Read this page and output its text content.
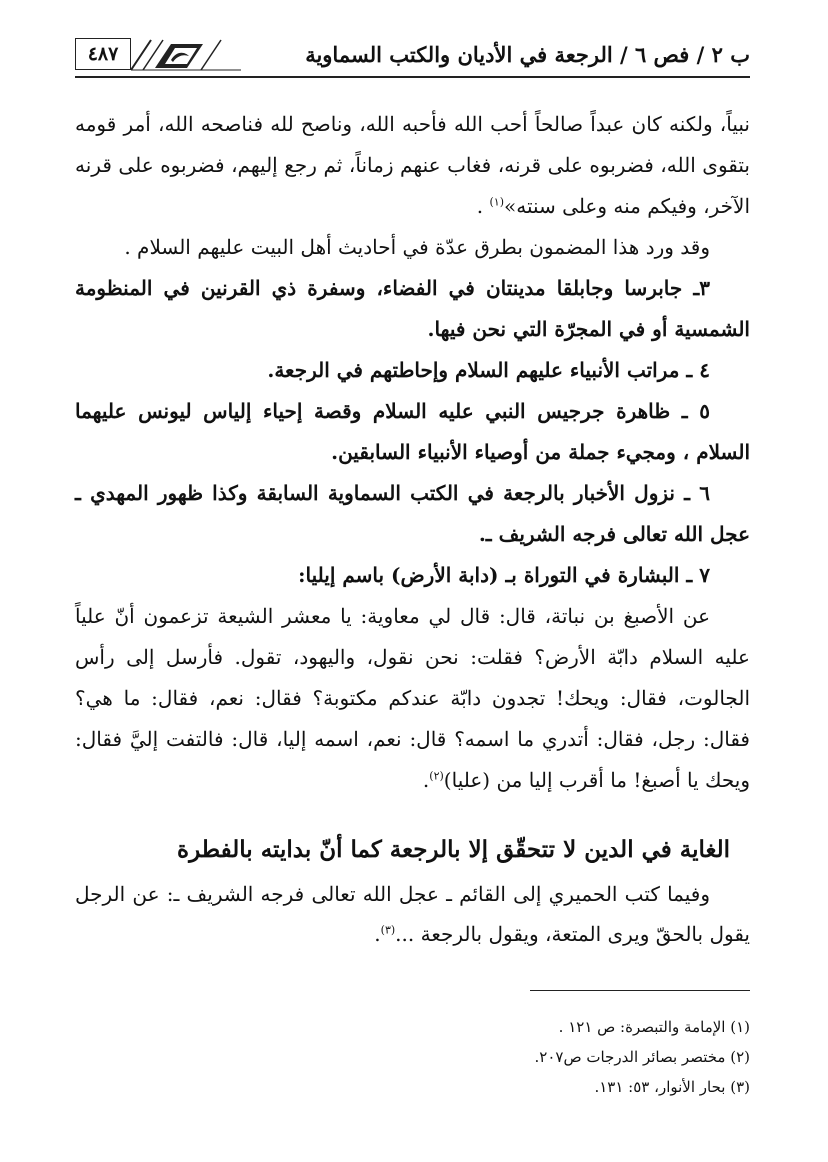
ب ٢ / فص ٦ / الرجعة في الأديان والكتب السماوية
٤٨٧

نبياً، ولكنه كان عبداً صالحاً أحب الله فأحبه الله، وناصح لله فناصحه الله، أمر قومه بتقوى الله، فضربوه على قرنه، فغاب عنهم زماناً، ثم رجع إليهم، فضربوه على قرنه الآخر، وفيكم منه وعلى سنته»$^{(١)}$ .

وقد ورد هذا المضمون بطرق عدّة في أحاديث أهل البيت عليهم السلام .

٣ـ جابرسا وجابلقا مدينتان في الفضاء، وسفرة ذي القرنين في المنظومة الشمسية أو في المجرّة التي نحن فيها.

٤ ـ مراتب الأنبياء عليهم السلام وإحاطتهم في الرجعة.

٥ ـ ظاهرة جرجيس النبي عليه السلام وقصة إحياء إلياس ليونس عليهما السلام ، ومجيء جملة من أوصياء الأنبياء السابقين.

٦ ـ نزول الأخبار بالرجعة في الكتب السماوية السابقة وكذا ظهور المهدي ـ عجل الله تعالى فرجه الشريف ـ.

٧ ـ البشارة في التوراة بـ (دابة الأرض) باسم إيليا:

عن الأصبغ بن نباتة، قال: قال لي معاوية: يا معشر الشيعة تزعمون أنّ علياً عليه السلام دابّة الأرض؟ فقلت: نحن نقول، واليهود، تقول. فأرسل إلى رأس الجالوت، فقال: ويحك! تجدون دابّة عندكم مكتوبة؟ فقال: نعم، فقال: ما هي؟ فقال: رجل، فقال: أتدري ما اسمه؟ قال: نعم، اسمه إليا، قال: فالتفت إليَّ فقال: ويحك يا أصبغ! ما أقرب إليا من (عليا)$^{(٢)}$.

الغاية في الدين لا تتحقّق إلا بالرجعة كما أنّ بدايته بالفطرة

وفيما كتب الحميري إلى القائم ـ عجل الله تعالى فرجه الشريف ـ: عن الرجل يقول بالحقّ ويرى المتعة، ويقول بالرجعة ...$^{(٣)}$.

(١) الإمامة والتبصرة: ص ١٢١ .
(٢) مختصر بصائر الدرجات ص٢٠٧.
(٣) بحار الأنوار، ٥٣: ١٣١.
